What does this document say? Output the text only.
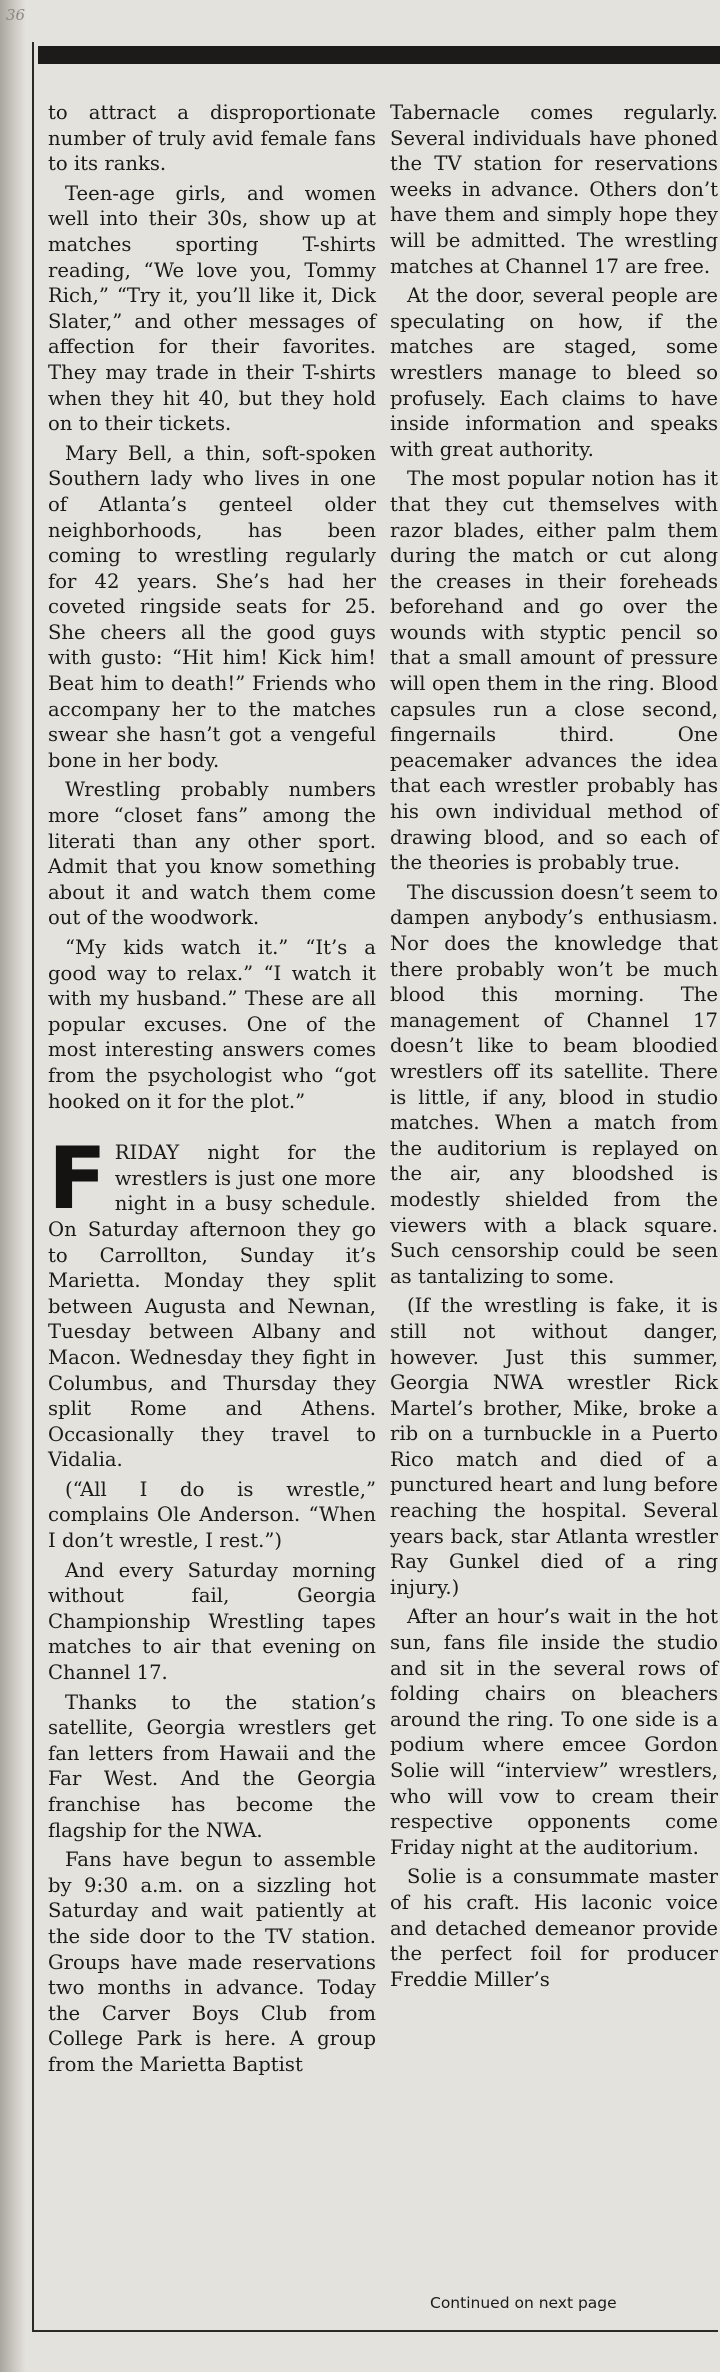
36

to attract a disproportionate number of truly avid female fans to its ranks.

Teen-age girls, and women well into their 30s, show up at matches sporting T-shirts reading, “We love you, Tommy Rich,” “Try it, you’ll like it, Dick Slater,” and other messages of affection for their favorites. They may trade in their T-shirts when they hit 40, but they hold on to their tickets.

Mary Bell, a thin, soft-spoken Southern lady who lives in one of Atlanta’s genteel older neighborhoods, has been coming to wrestling regularly for 42 years. She’s had her coveted ringside seats for 25. She cheers all the good guys with gusto: “Hit him! Kick him! Beat him to death!” Friends who accompany her to the matches swear she hasn’t got a vengeful bone in her body.

Wrestling probably numbers more “closet fans” among the literati than any other sport. Admit that you know something about it and watch them come out of the woodwork.

“My kids watch it.” “It’s a good way to relax.” “I watch it with my husband.” These are all popular excuses. One of the most interesting answers comes from the psychologist who “got hooked on it for the plot.”

FRIDAY night for the wrestlers is just one more night in a busy schedule. On Saturday afternoon they go to Carrollton, Sunday it’s Marietta. Monday they split between Augusta and Newnan, Tuesday between Albany and Macon. Wednesday they fight in Columbus, and Thursday they split Rome and Athens. Occasionally they travel to Vidalia.

(“All I do is wrestle,” complains Ole Anderson. “When I don’t wrestle, I rest.”)

And every Saturday morning without fail, Georgia Championship Wrestling tapes matches to air that evening on Channel 17.

Thanks to the station’s satellite, Georgia wrestlers get fan letters from Hawaii and the Far West. And the Georgia franchise has become the flagship for the NWA.

Fans have begun to assemble by 9:30 a.m. on a sizzling hot Saturday and wait patiently at the side door to the TV station. Groups have made reservations two months in advance. Today the Carver Boys Club from College Park is here. A group from the Marietta Baptist

Tabernacle comes regularly. Several individuals have phoned the TV station for reservations weeks in advance. Others don’t have them and simply hope they will be admitted. The wrestling matches at Channel 17 are free.

At the door, several people are speculating on how, if the matches are staged, some wrestlers manage to bleed so profusely. Each claims to have inside information and speaks with great authority.

The most popular notion has it that they cut themselves with razor blades, either palm them during the match or cut along the creases in their foreheads beforehand and go over the wounds with styptic pencil so that a small amount of pressure will open them in the ring. Blood capsules run a close second, fingernails third. One peacemaker advances the idea that each wrestler probably has his own individual method of drawing blood, and so each of the theories is probably true.

The discussion doesn’t seem to dampen anybody’s enthusiasm. Nor does the knowledge that there probably won’t be much blood this morning. The management of Channel 17 doesn’t like to beam bloodied wrestlers off its satellite. There is little, if any, blood in studio matches. When a match from the auditorium is replayed on the air, any bloodshed is modestly shielded from the viewers with a black square. Such censorship could be seen as tantalizing to some.

(If the wrestling is fake, it is still not without danger, however. Just this summer, Georgia NWA wrestler Rick Martel’s brother, Mike, broke a rib on a turnbuckle in a Puerto Rico match and died of a punctured heart and lung before reaching the hospital. Several years back, star Atlanta wrestler Ray Gunkel died of a ring injury.)

After an hour’s wait in the hot sun, fans file inside the studio and sit in the several rows of folding chairs on bleachers around the ring. To one side is a podium where emcee Gordon Solie will “interview” wrestlers, who will vow to cream their respective opponents come Friday night at the auditorium.

Solie is a consummate master of his craft. His laconic voice and detached demeanor provide the perfect foil for producer Freddie Miller’s

Continued on next page
